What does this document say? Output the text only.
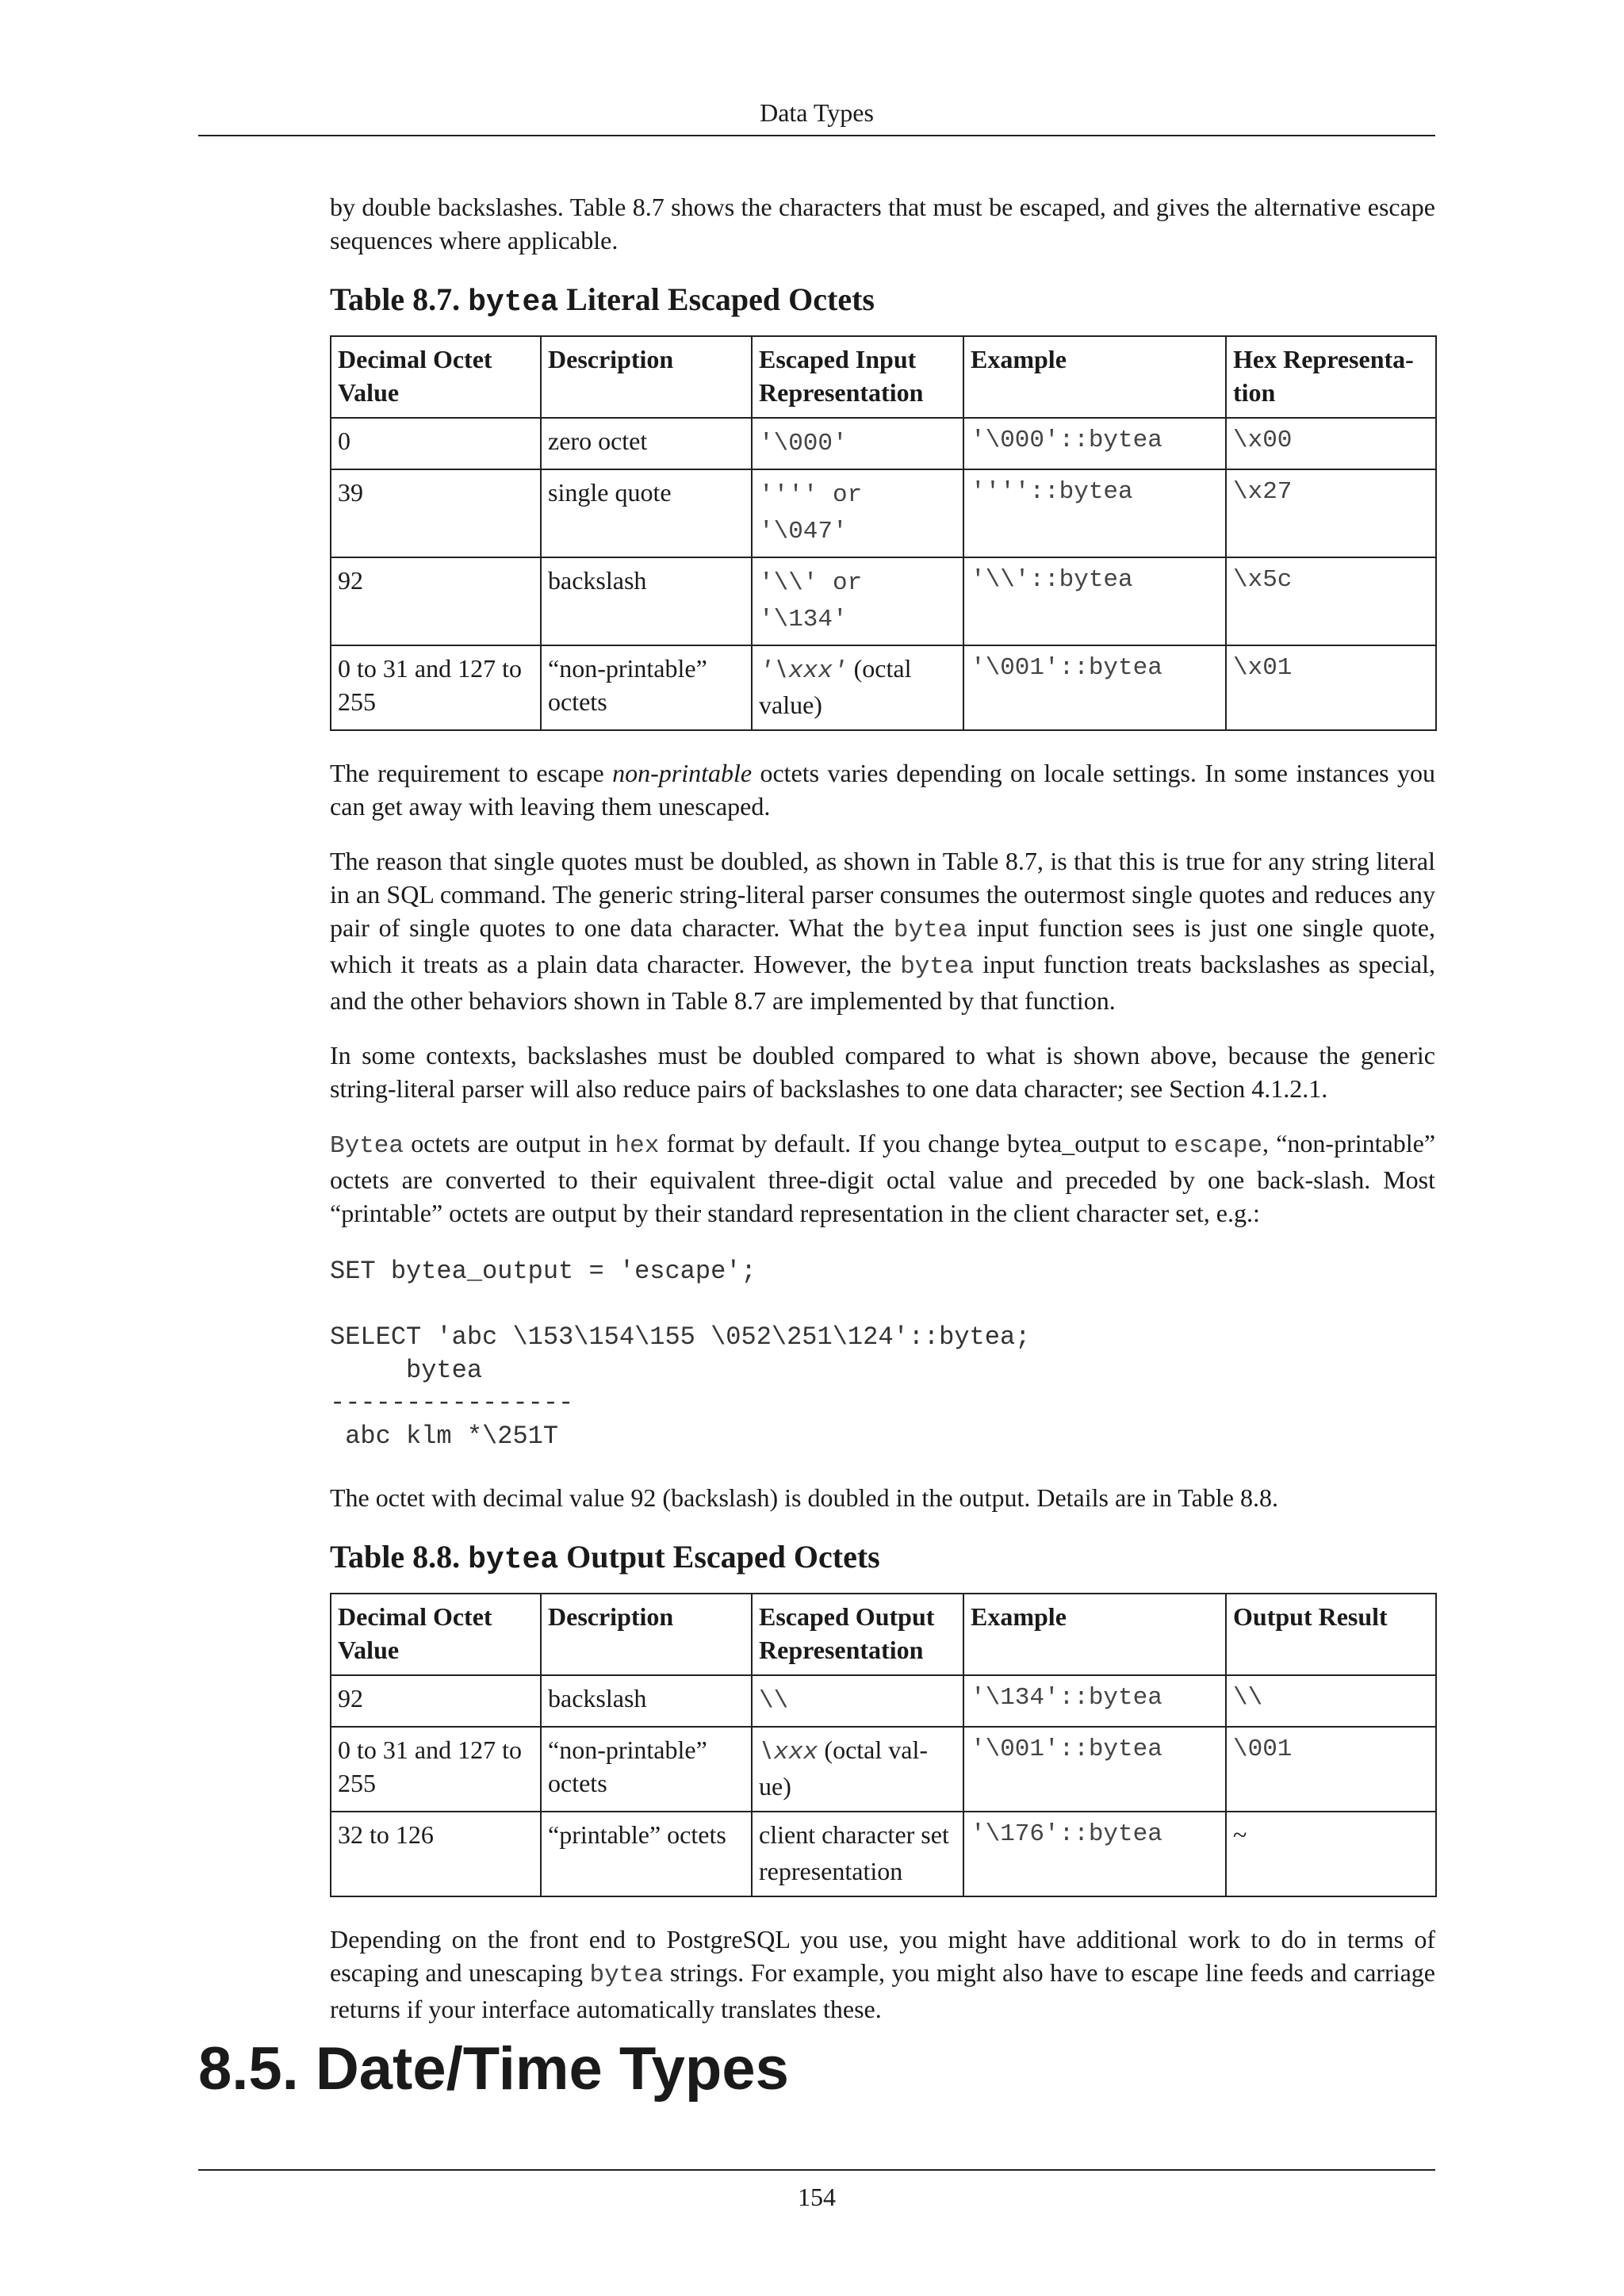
Data Types

by double backslashes. Table 8.7 shows the characters that must be escaped, and gives the alternative escape sequences where applicable.

Table 8.7. bytea Literal Escaped Octets
Decimal Octet Value	Description	Escaped Input Representation	Example	Hex Representa-tion
0	zero octet	'\000'	'\000'::bytea	\x00
39	single quote	'''' or '\047'	''''::bytea	\x27
92	backslash	'\\' or '\134'	'\\'::bytea	\x5c
0 to 31 and 127 to 255	“non-printable” octets	'\xxx' (octal value)	'\001'::bytea	\x01

The requirement to escape non-printable octets varies depending on locale settings. In some instances you can get away with leaving them unescaped.

The reason that single quotes must be doubled, as shown in Table 8.7, is that this is true for any string literal in an SQL command. The generic string-literal parser consumes the outermost single quotes and reduces any pair of single quotes to one data character. What the bytea input function sees is just one single quote, which it treats as a plain data character. However, the bytea input function treats backslashes as special, and the other behaviors shown in Table 8.7 are implemented by that function.

In some contexts, backslashes must be doubled compared to what is shown above, because the generic string-literal parser will also reduce pairs of backslashes to one data character; see Section 4.1.2.1.

Bytea octets are output in hex format by default. If you change bytea_output to escape, “non-printable” octets are converted to their equivalent three-digit octal value and preceded by one back-slash. Most “printable” octets are output by their standard representation in the client character set, e.g.:

SET bytea_output = 'escape';

SELECT 'abc \153\154\155 \052\251\124'::bytea;
bytea
----------------
abc klm *\251T

The octet with decimal value 92 (backslash) is doubled in the output. Details are in Table 8.8.

Table 8.8. bytea Output Escaped Octets
Decimal Octet Value	Description	Escaped Output Representation	Example	Output Result
92	backslash	\\	'\134'::bytea	\\
0 to 31 and 127 to 255	“non-printable” octets	\xxx (octal val-ue)	'\001'::bytea	\001
32 to 126	“printable” octets	client character set representation	'\176'::bytea	~

Depending on the front end to PostgreSQL you use, you might have additional work to do in terms of escaping and unescaping bytea strings. For example, you might also have to escape line feeds and carriage returns if your interface automatically translates these.

8.5. Date/Time Types
154
